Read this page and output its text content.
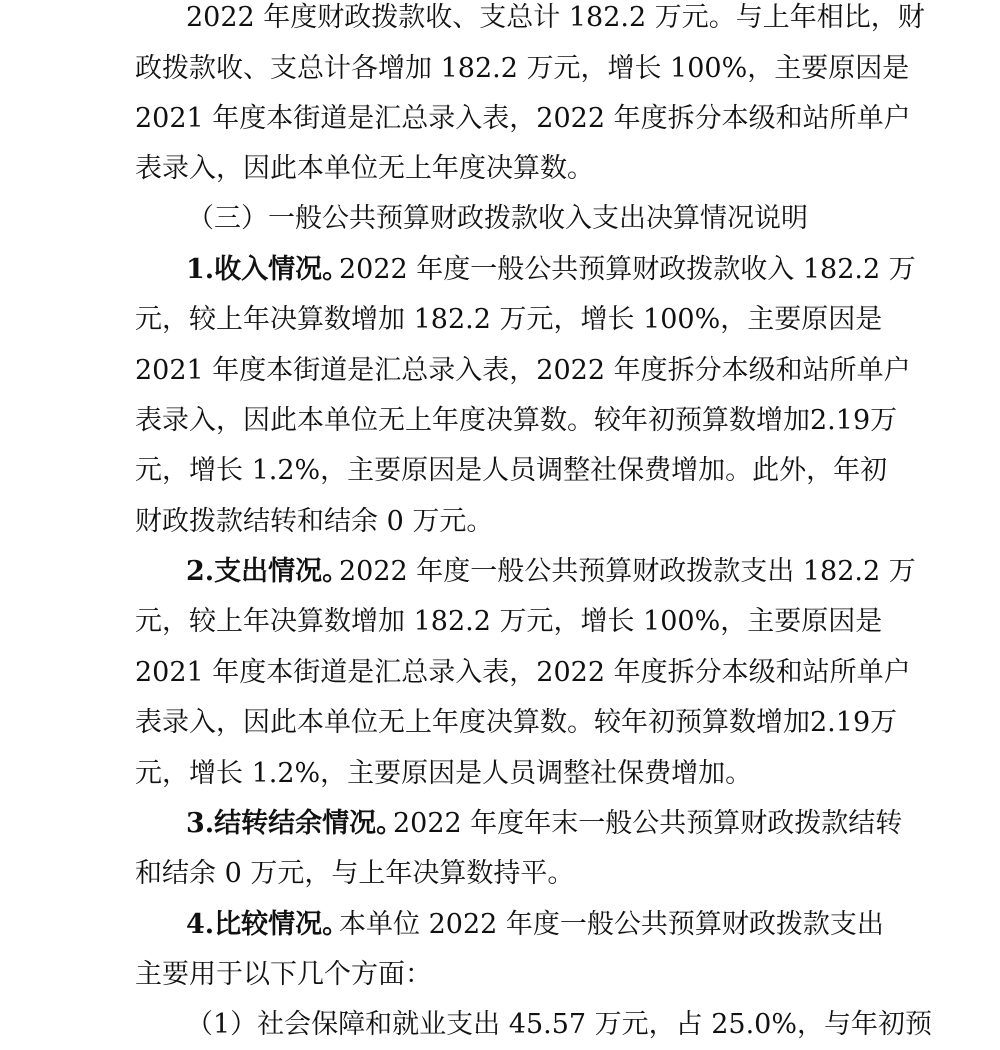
2022 年度财政拨款收、支总计 182.2 万元。与上年相比，财
政拨款收、支总计各增加 182.2 万元，增长 100%，主要原因是
2021 年度本街道是汇总录入表，2022 年度拆分本级和站所单户
表录入，因此本单位无上年度决算数。
（三）一般公共预算财政拨款收入支出决算情况说明
1.收入情况。
2022 年度一般公共预算财政拨款收入 182.2 万
元，较上年决算数增加 182.2 万元，增长 100%，主要原因是
2021 年度本街道是汇总录入表，2022 年度拆分本级和站所单户
表录入，因此本单位无上年度决算数。较年初预算数增加2.19万
元，增长 1.2%，主要原因是人员调整社保费增加。此外，年初
财政拨款结转和结余 0 万元。
2.支出情况。
2022 年度一般公共预算财政拨款支出 182.2 万
元，较上年决算数增加 182.2 万元，增长 100%，主要原因是
2021 年度本街道是汇总录入表，2022 年度拆分本级和站所单户
表录入，因此本单位无上年度决算数。较年初预算数增加2.19万
元，增长 1.2%，主要原因是人员调整社保费增加。
3.结转结余情况。
2022 年度年末一般公共预算财政拨款结转
和结余 0 万元，与上年决算数持平。
4.比较情况。
本单位 2022 年度一般公共预算财政拨款支出
主要用于以下几个方面：
（1）社会保障和就业支出 45.57 万元，占 25.0%，与年初预
